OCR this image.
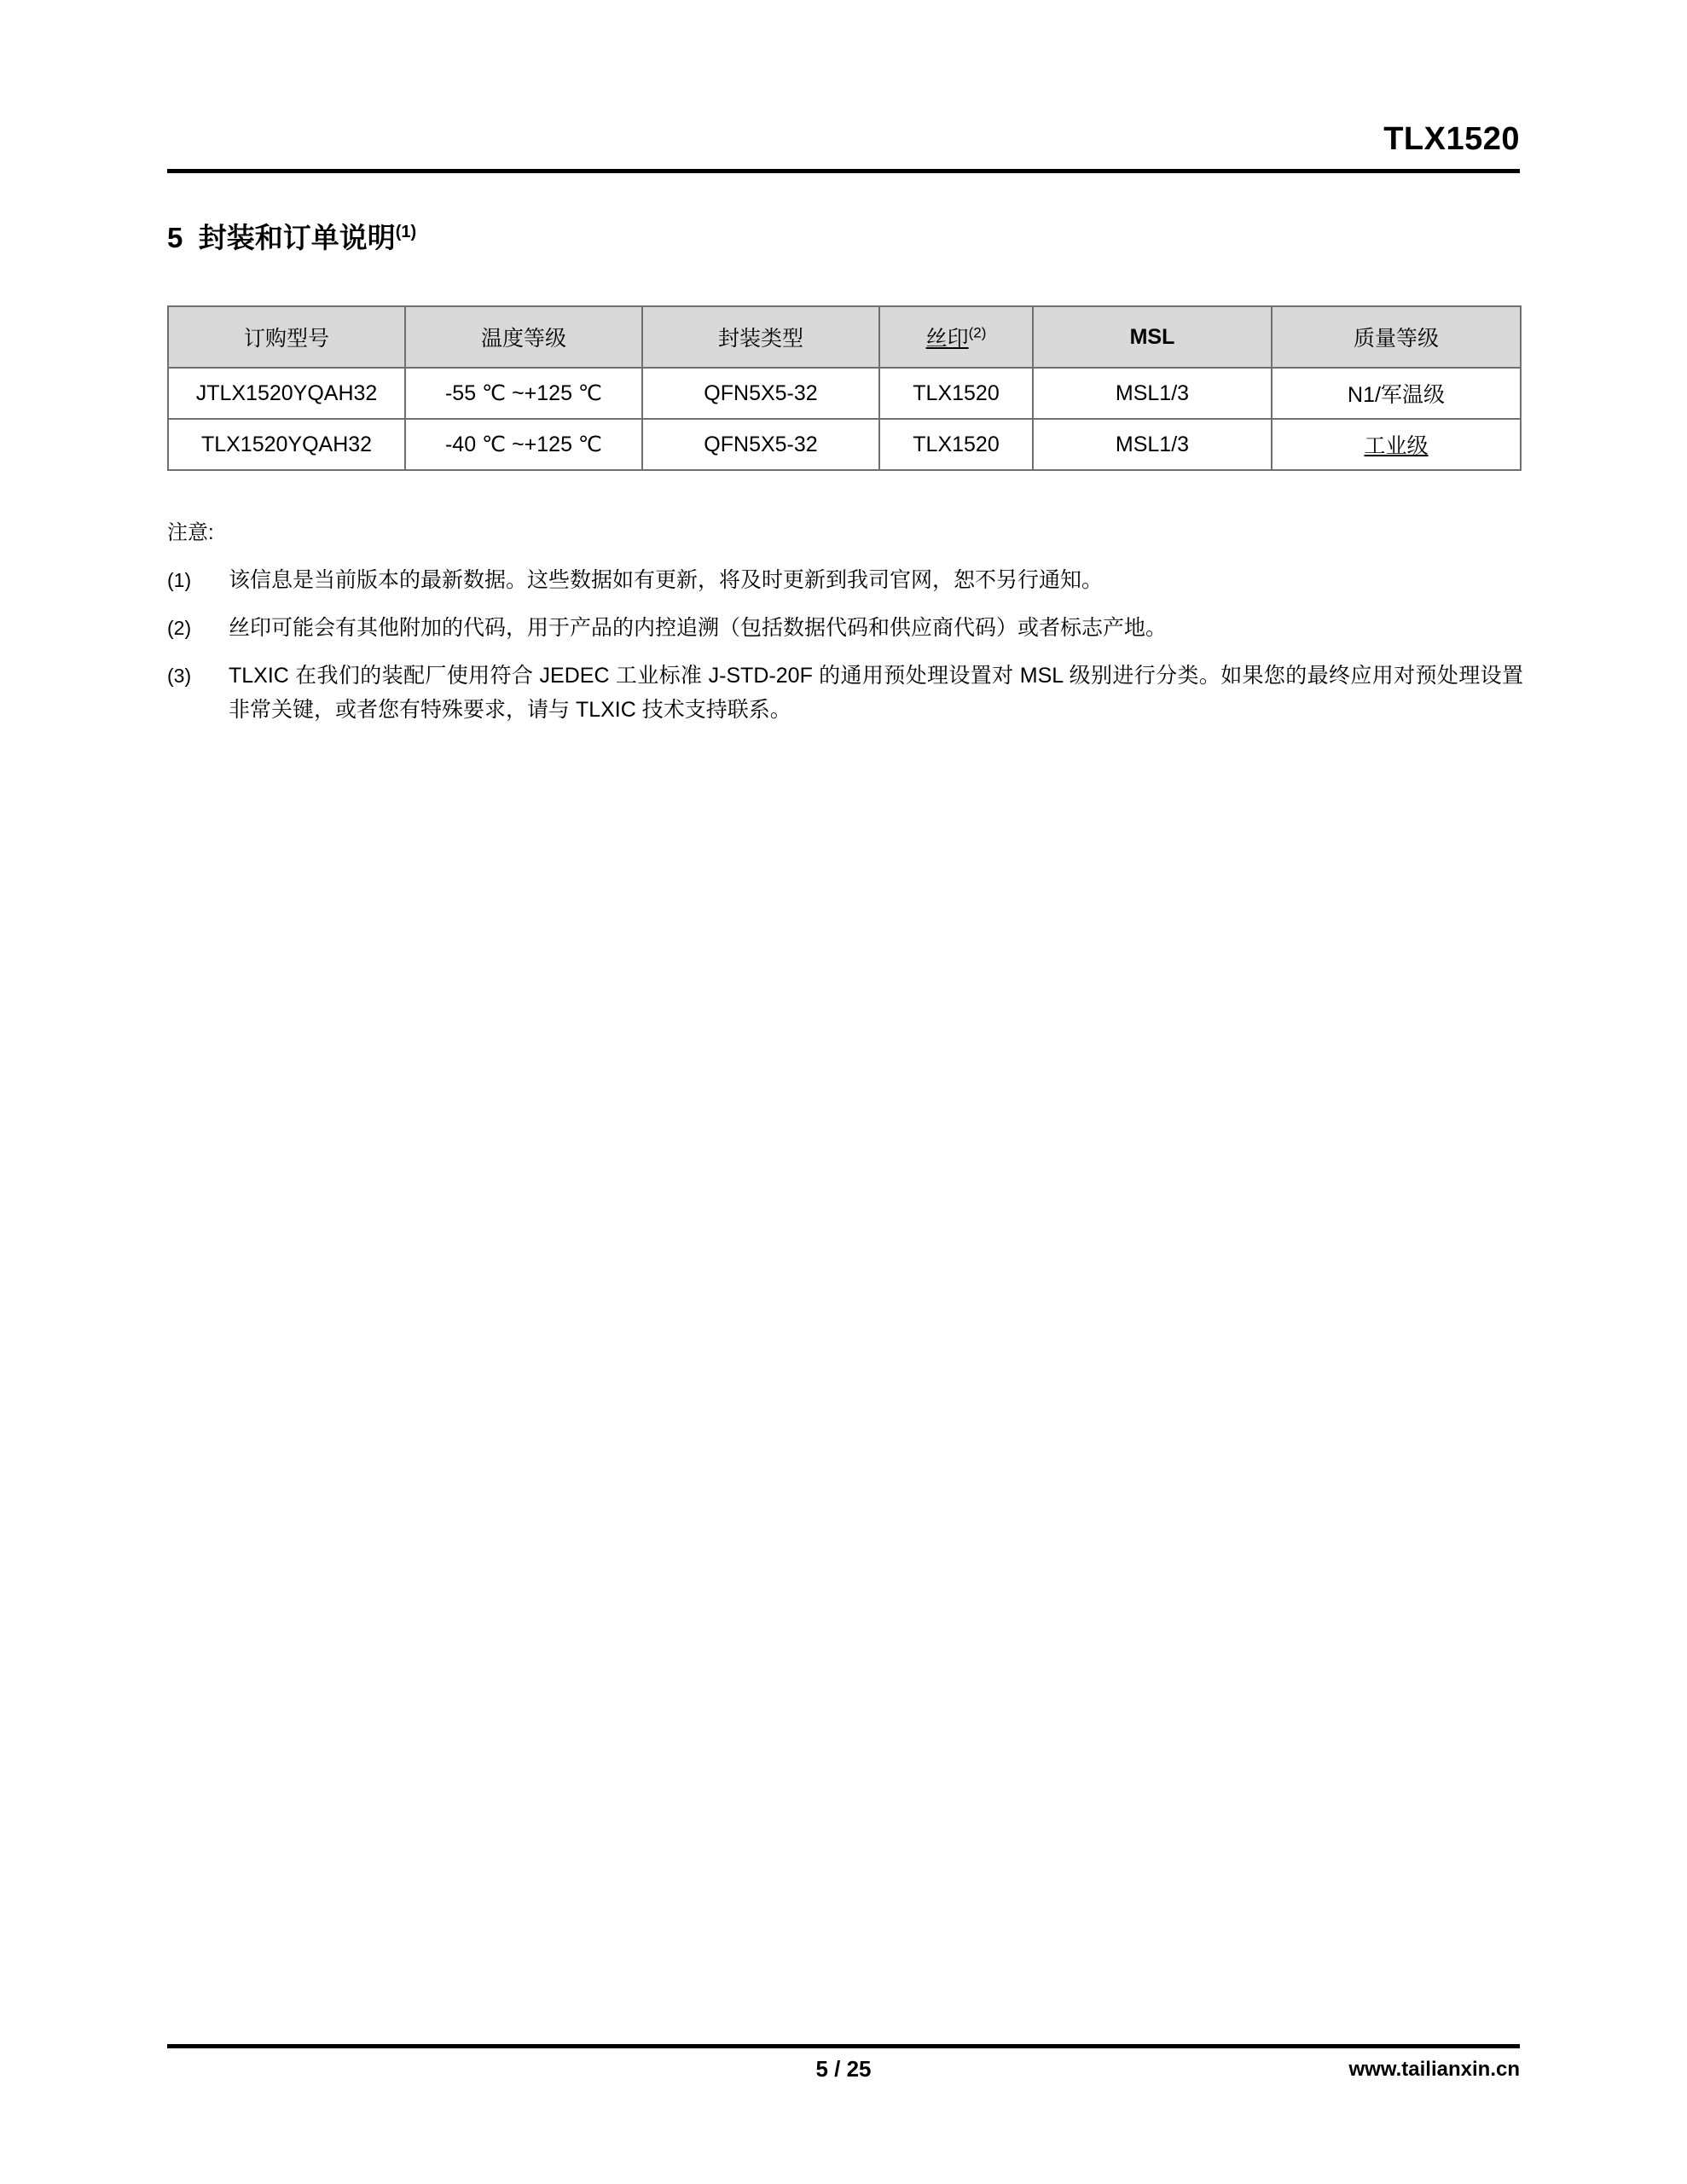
TLX1520
5 封装和订单说明$^{(1)}$
订购型号	温度等级	封装类型	丝印$^{(2)}$	MSL	质量等级
JTLX1520YQAH32	-55 ℃ ~+125 ℃	QFN5X5-32	TLX1520	MSL1/3	N1/军温级
TLX1520YQAH32	-40 ℃ ~+125 ℃	QFN5X5-32	TLX1520	MSL1/3	工业级
注意:
(1)	该信息是当前版本的最新数据。这些数据如有更新，将及时更新到我司官网，恕不另行通知。
(2)	丝印可能会有其他附加的代码，用于产品的内控追溯（包括数据代码和供应商代码）或者标志产地。
(3)	TLXIC 在我们的装配厂使用符合 JEDEC 工业标准 J-STD-20F 的通用预处理设置对 MSL 级别进行分类。如果您的最终应用对预处理设置非常关键，或者您有特殊要求，请与 TLXIC 技术支持联系。
5 / 25	www.tailianxin.cn
